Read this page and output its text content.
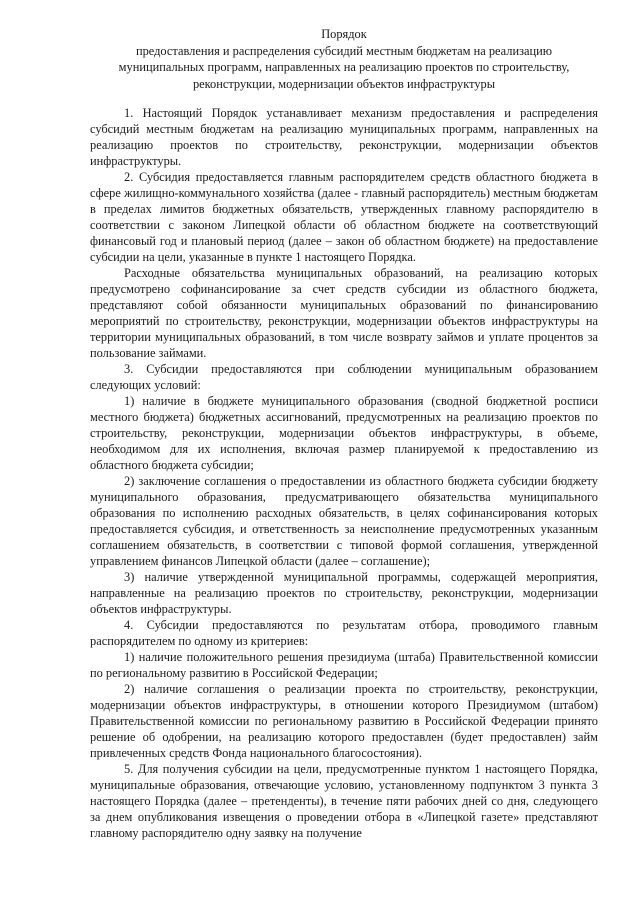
Порядок
предоставления и распределения субсидий местным бюджетам на реализацию
муниципальных программ, направленных на реализацию проектов по строительству,
реконструкции, модернизации объектов инфраструктуры

1. Настоящий Порядок устанавливает механизм предоставления и распределения субсидий местным бюджетам на реализацию муниципальных программ, направленных на реализацию проектов по строительству, реконструкции, модернизации объектов инфраструктуры.

2. Субсидия предоставляется главным распорядителем средств областного бюджета в сфере жилищно-коммунального хозяйства (далее - главный распорядитель) местным бюджетам в пределах лимитов бюджетных обязательств, утвержденных главному распорядителю в соответствии с законом Липецкой области об областном бюджете на соответствующий финансовый год и плановый период (далее – закон об областном бюджете) на предоставление субсидии на цели, указанные в пункте 1 настоящего Порядка.

Расходные обязательства муниципальных образований, на реализацию которых предусмотрено софинансирование за счет средств субсидии из областного бюджета, представляют собой обязанности муниципальных образований по финансированию мероприятий по строительству, реконструкции, модернизации объектов инфраструктуры на территории муниципальных образований, в том числе возврату займов и уплате процентов за пользование займами.

3. Субсидии предоставляются при соблюдении муниципальным образованием следующих условий:

1) наличие в бюджете муниципального образования (сводной бюджетной росписи местного бюджета) бюджетных ассигнований, предусмотренных на реализацию проектов по строительству, реконструкции, модернизации объектов инфраструктуры, в объеме, необходимом для их исполнения, включая размер планируемой к предоставлению из областного бюджета субсидии;

2) заключение соглашения о предоставлении из областного бюджета субсидии бюджету муниципального образования, предусматривающего обязательства муниципального образования по исполнению расходных обязательств, в целях софинансирования которых предоставляется субсидия, и ответственность за неисполнение предусмотренных указанным соглашением обязательств, в соответствии с типовой формой соглашения, утвержденной управлением финансов Липецкой области (далее – соглашение);

3) наличие утвержденной муниципальной программы, содержащей мероприятия, направленные на реализацию проектов по строительству, реконструкции, модернизации объектов инфраструктуры.

4. Субсидии предоставляются по результатам отбора, проводимого главным распорядителем по одному из критериев:

1) наличие положительного решения президиума (штаба) Правительственной комиссии по региональному развитию в Российской Федерации;

2) наличие соглашения о реализации проекта по строительству, реконструкции, модернизации объектов инфраструктуры, в отношении которого Президиумом (штабом) Правительственной комиссии по региональному развитию в Российской Федерации принято решение об одобрении, на реализацию которого предоставлен (будет предоставлен) займ привлеченных средств Фонда национального благосостояния).

5. Для получения субсидии на цели, предусмотренные пунктом 1 настоящего Порядка, муниципальные образования, отвечающие условию, установленному подпунктом 3 пункта 3 настоящего Порядка (далее – претенденты), в течение пяти рабочих дней со дня, следующего за днем опубликования извещения о проведении отбора в «Липецкой газете» представляют главному распорядителю одну заявку на получение
